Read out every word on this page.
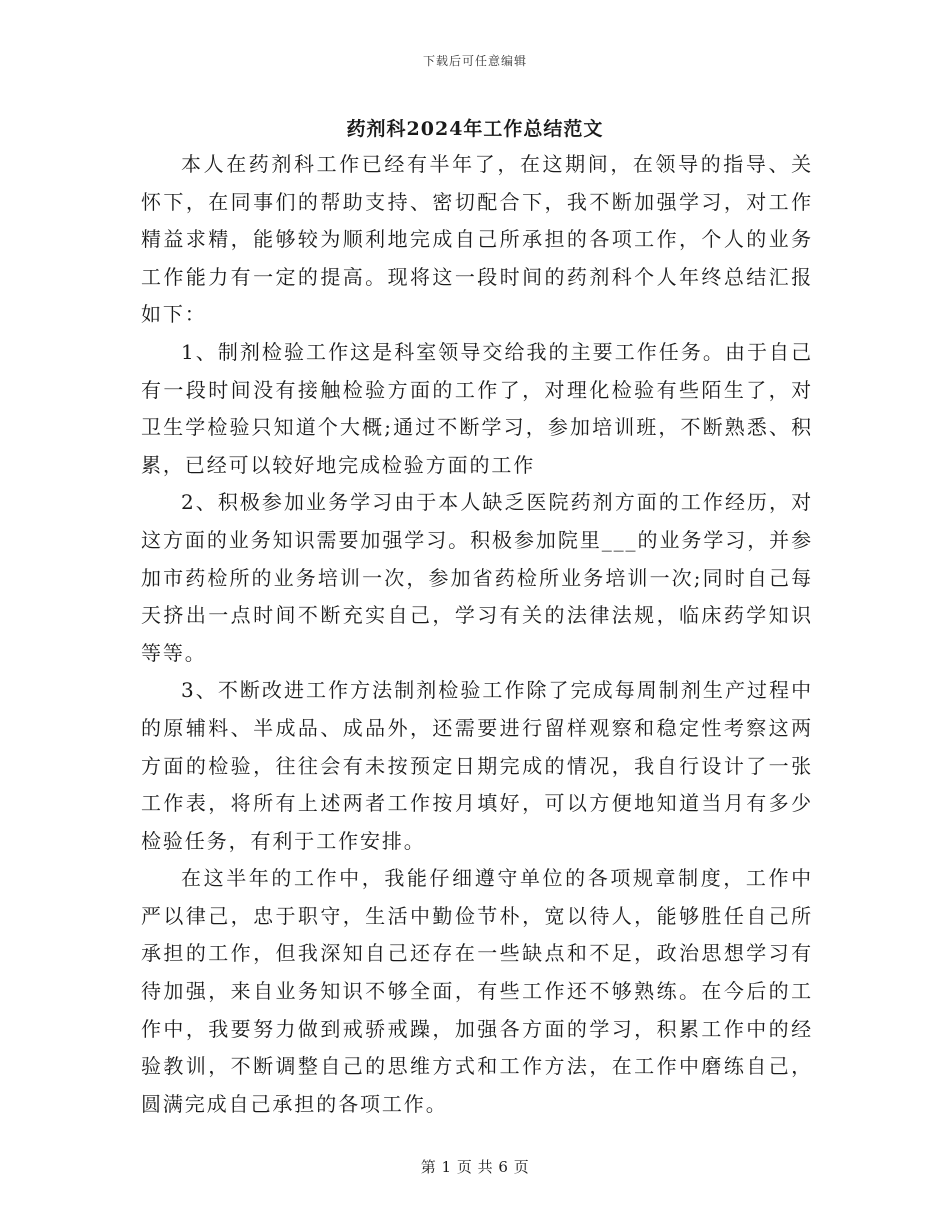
下载后可任意编辑
药剂科2024年工作总结范文

本人在药剂科工作已经有半年了，在这期间，在领导的指导、关怀下，在同事们的帮助支持、密切配合下，我不断加强学习，对工作精益求精，能够较为顺利地完成自己所承担的各项工作，个人的业务工作能力有一定的提高。现将这一段时间的药剂科个人年终总结汇报如下：

1、制剂检验工作这是科室领导交给我的主要工作任务。由于自己有一段时间没有接触检验方面的工作了，对理化检验有些陌生了，对卫生学检验只知道个大概;通过不断学习，参加培训班，不断熟悉、积累，已经可以较好地完成检验方面的工作

2、积极参加业务学习由于本人缺乏医院药剂方面的工作经历，对这方面的业务知识需要加强学习。积极参加院里___的业务学习，并参加市药检所的业务培训一次，参加省药检所业务培训一次;同时自己每天挤出一点时间不断充实自己，学习有关的法律法规，临床药学知识等等。

3、不断改进工作方法制剂检验工作除了完成每周制剂生产过程中的原辅料、半成品、成品外，还需要进行留样观察和稳定性考察这两方面的检验，往往会有未按预定日期完成的情况，我自行设计了一张工作表，将所有上述两者工作按月填好，可以方便地知道当月有多少检验任务，有利于工作安排。

在这半年的工作中，我能仔细遵守单位的各项规章制度，工作中严以律己，忠于职守，生活中勤俭节朴，宽以待人，能够胜任自己所承担的工作，但我深知自己还存在一些缺点和不足，政治思想学习有待加强，来自业务知识不够全面，有些工作还不够熟练。在今后的工作中，我要努力做到戒骄戒躁，加强各方面的学习，积累工作中的经验教训，不断调整自己的思维方式和工作方法，在工作中磨练自己，圆满完成自己承担的各项工作。

第 1 页 共 6 页
